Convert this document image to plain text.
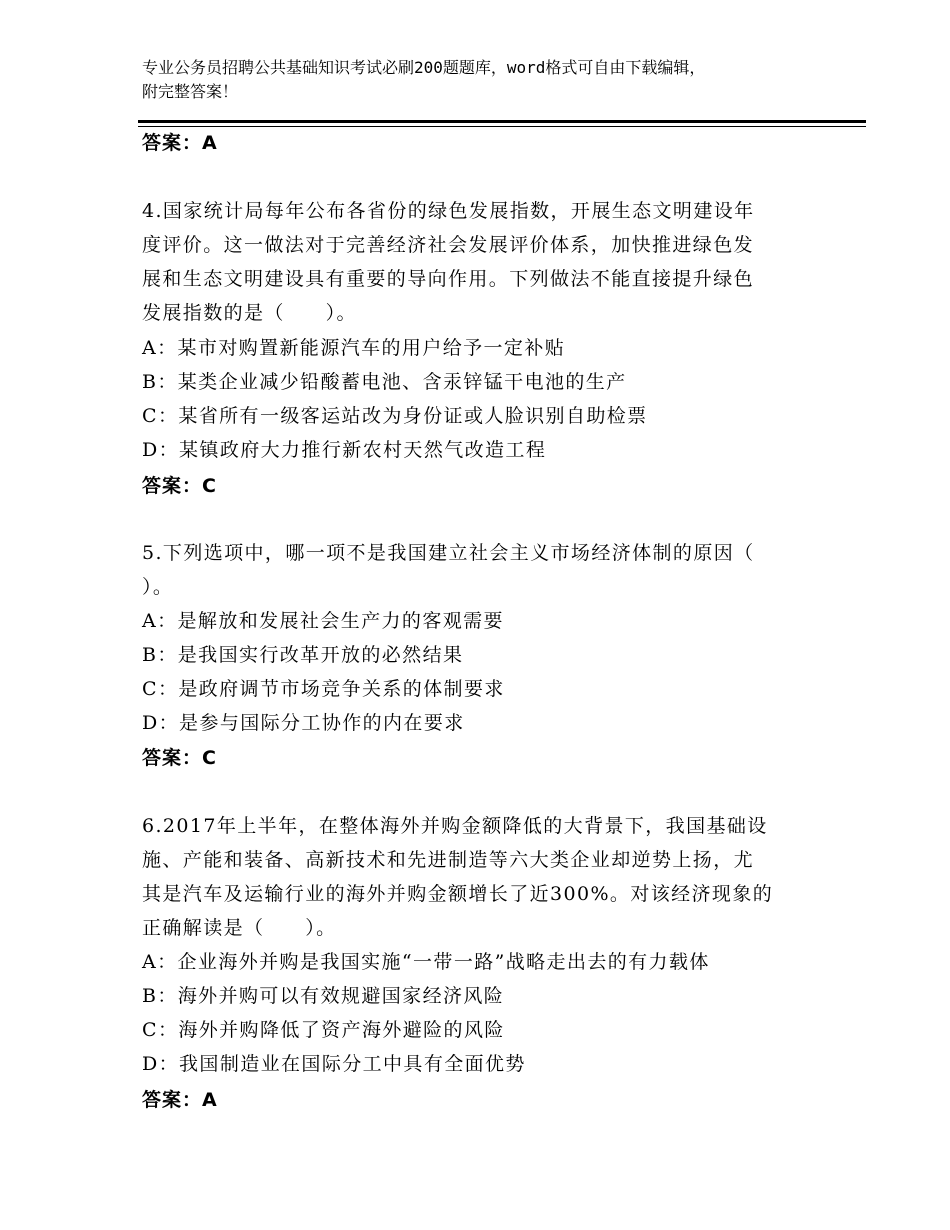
专业公务员招聘公共基础知识考试必刷200题题库，word格式可自由下载编辑，
附完整答案！
答案：A
4.国家统计局每年公布各省份的绿色发展指数，开展生态文明建设年
度评价。这一做法对于完善经济社会发展评价体系，加快推进绿色发
展和生态文明建设具有重要的导向作用。下列做法不能直接提升绿色
发展指数的是（　　）。
A：某市对购置新能源汽车的用户给予一定补贴
B：某类企业减少铅酸蓄电池、含汞锌锰干电池的生产
C：某省所有一级客运站改为身份证或人脸识别自助检票
D：某镇政府大力推行新农村天然气改造工程
答案：C
5.下列选项中，哪一项不是我国建立社会主义市场经济体制的原因（
）。
A：是解放和发展社会生产力的客观需要
B：是我国实行改革开放的必然结果
C：是政府调节市场竞争关系的体制要求
D：是参与国际分工协作的内在要求
答案：C
6.2017年上半年，在整体海外并购金额降低的大背景下，我国基础设
施、产能和装备、高新技术和先进制造等六大类企业却逆势上扬，尤
其是汽车及运输行业的海外并购金额增长了近300%。对该经济现象的
正确解读是（　　）。
A：企业海外并购是我国实施“一带一路”战略走出去的有力载体
B：海外并购可以有效规避国家经济风险
C：海外并购降低了资产海外避险的风险
D：我国制造业在国际分工中具有全面优势
答案：A
